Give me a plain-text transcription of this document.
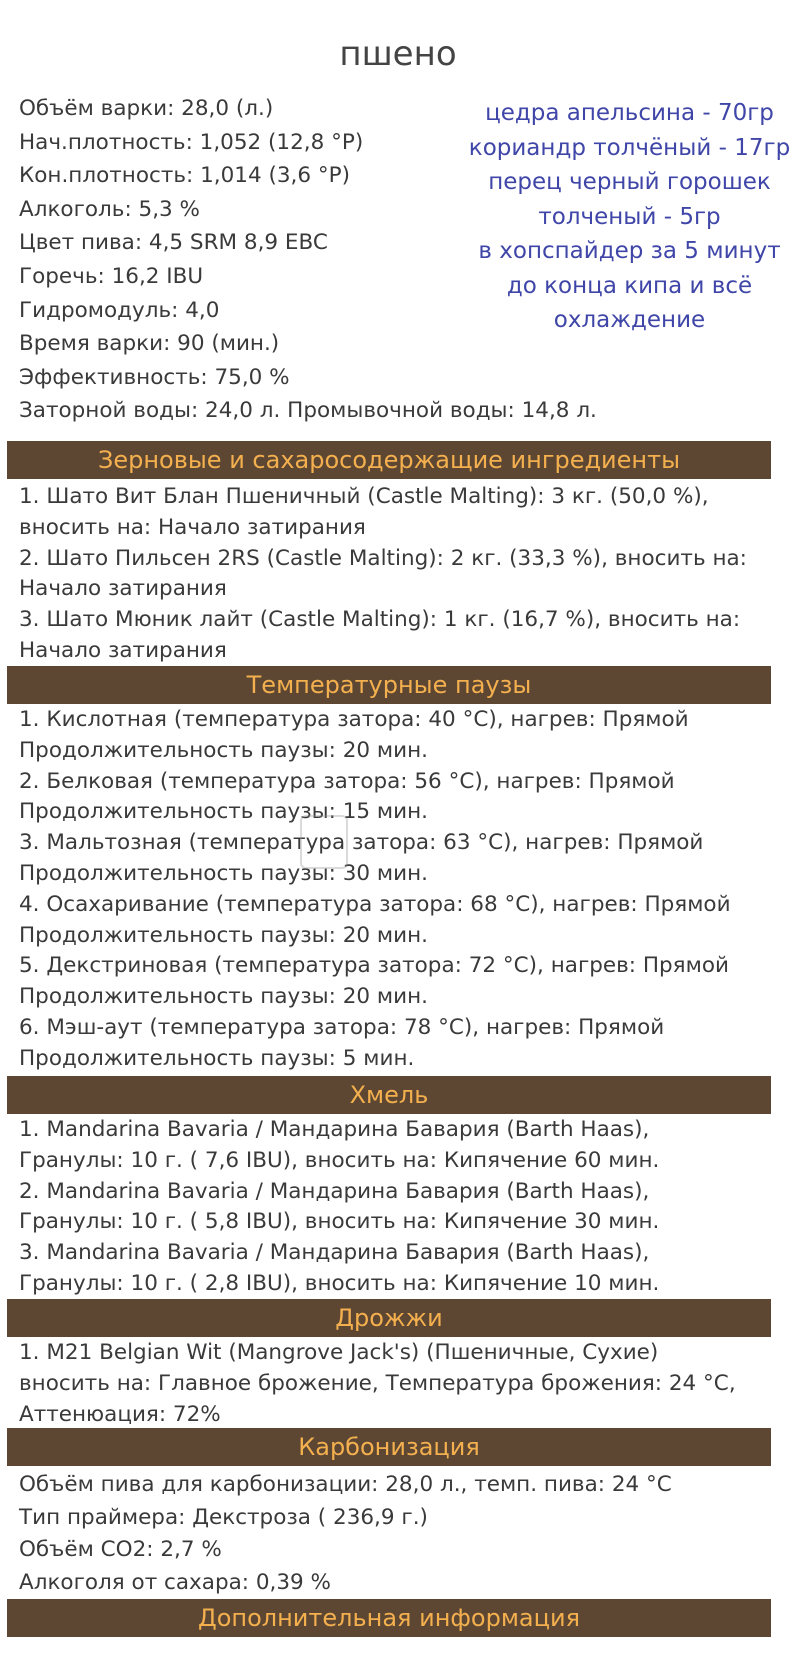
пшено
Объём варки: 28,0 (л.)
Нач.плотность: 1,052 (12,8 °P)
Кон.плотность: 1,014 (3,6 °P)
Алкоголь: 5,3 %
Цвет пива: 4,5 SRM 8,9 EBC
Горечь: 16,2 IBU
Гидромодуль: 4,0
Время варки: 90 (мин.)
Эффективность: 75,0 %
Заторной воды: 24,0 л. Промывочной воды: 14,8 л.
цедра апельсина - 70гр
кориандр толчёный - 17гр
перец черный горошек
толченый - 5гр
в хопспайдер за 5 минут
до конца кипа и всё
охлаждение
Зерновые и сахаросодержащие ингредиенты
1. Шато Вит Блан Пшеничный (Castle Malting): 3 кг. (50,0 %),
вносить на: Начало затирания
2. Шато Пильсен 2RS (Castle Malting): 2 кг. (33,3 %), вносить на:
Начало затирания
3. Шато Мюник лайт (Castle Malting): 1 кг. (16,7 %), вносить на:
Начало затирания
Температурные паузы
1. Кислотная (температура затора: 40 °C), нагрев: Прямой
Продолжительность паузы: 20 мин.
2. Белковая (температура затора: 56 °C), нагрев: Прямой
Продолжительность паузы: 15 мин.
3. Мальтозная (температура затора: 63 °C), нагрев: Прямой
Продолжительность паузы: 30 мин.
4. Осахаривание (температура затора: 68 °C), нагрев: Прямой
Продолжительность паузы: 20 мин.
5. Декстриновая (температура затора: 72 °C), нагрев: Прямой
Продолжительность паузы: 20 мин.
6. Мэш-аут (температура затора: 78 °C), нагрев: Прямой
Продолжительность паузы: 5 мин.
Хмель
1. Mandarina Bavaria / Мандарина Бавария (Barth Haas),
Гранулы: 10 г. ( 7,6 IBU), вносить на: Кипячение 60 мин.
2. Mandarina Bavaria / Мандарина Бавария (Barth Haas),
Гранулы: 10 г. ( 5,8 IBU), вносить на: Кипячение 30 мин.
3. Mandarina Bavaria / Мандарина Бавария (Barth Haas),
Гранулы: 10 г. ( 2,8 IBU), вносить на: Кипячение 10 мин.
Дрожжи
1. M21 Belgian Wit (Mangrove Jack's) (Пшеничные, Сухие)
вносить на: Главное брожение, Температура брожения: 24 °C,
Аттенюация: 72%
Карбонизация
Объём пива для карбонизации: 28,0 л., темп. пива: 24 °C
Тип праймера: Декстроза ( 236,9 г.)
Объём CO2: 2,7 %
Алкоголя от сахара: 0,39 %
Дополнительная информация
